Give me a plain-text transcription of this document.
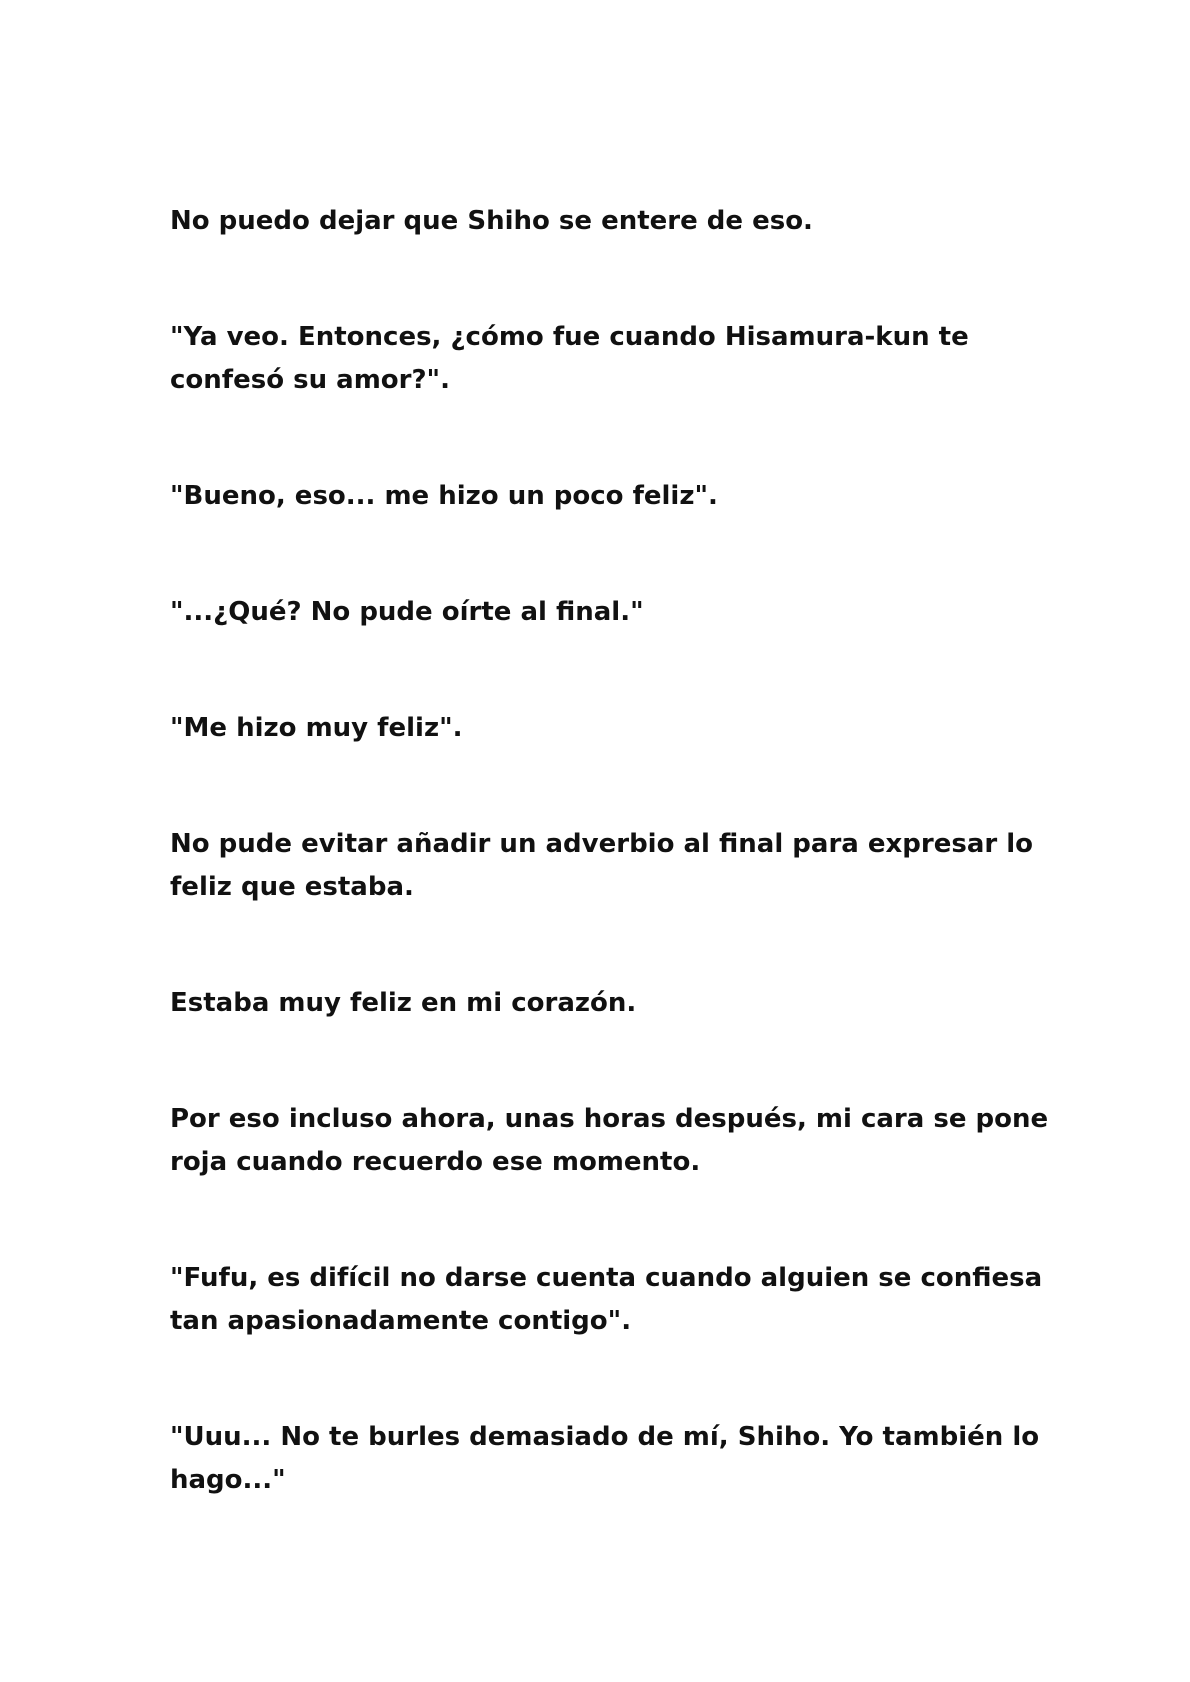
No puedo dejar que Shiho se entere de eso.

"Ya veo. Entonces, ¿cómo fue cuando Hisamura-kun te confesó su amor?".

"Bueno, eso... me hizo un poco feliz".

"...¿Qué? No pude oírte al final."

"Me hizo muy feliz".

No pude evitar añadir un adverbio al final para expresar lo feliz que estaba.

Estaba muy feliz en mi corazón.

Por eso incluso ahora, unas horas después, mi cara se pone roja cuando recuerdo ese momento.

"Fufu, es difícil no darse cuenta cuando alguien se confiesa tan apasionadamente contigo".

"Uuu... No te burles demasiado de mí, Shiho. Yo también lo hago..."
